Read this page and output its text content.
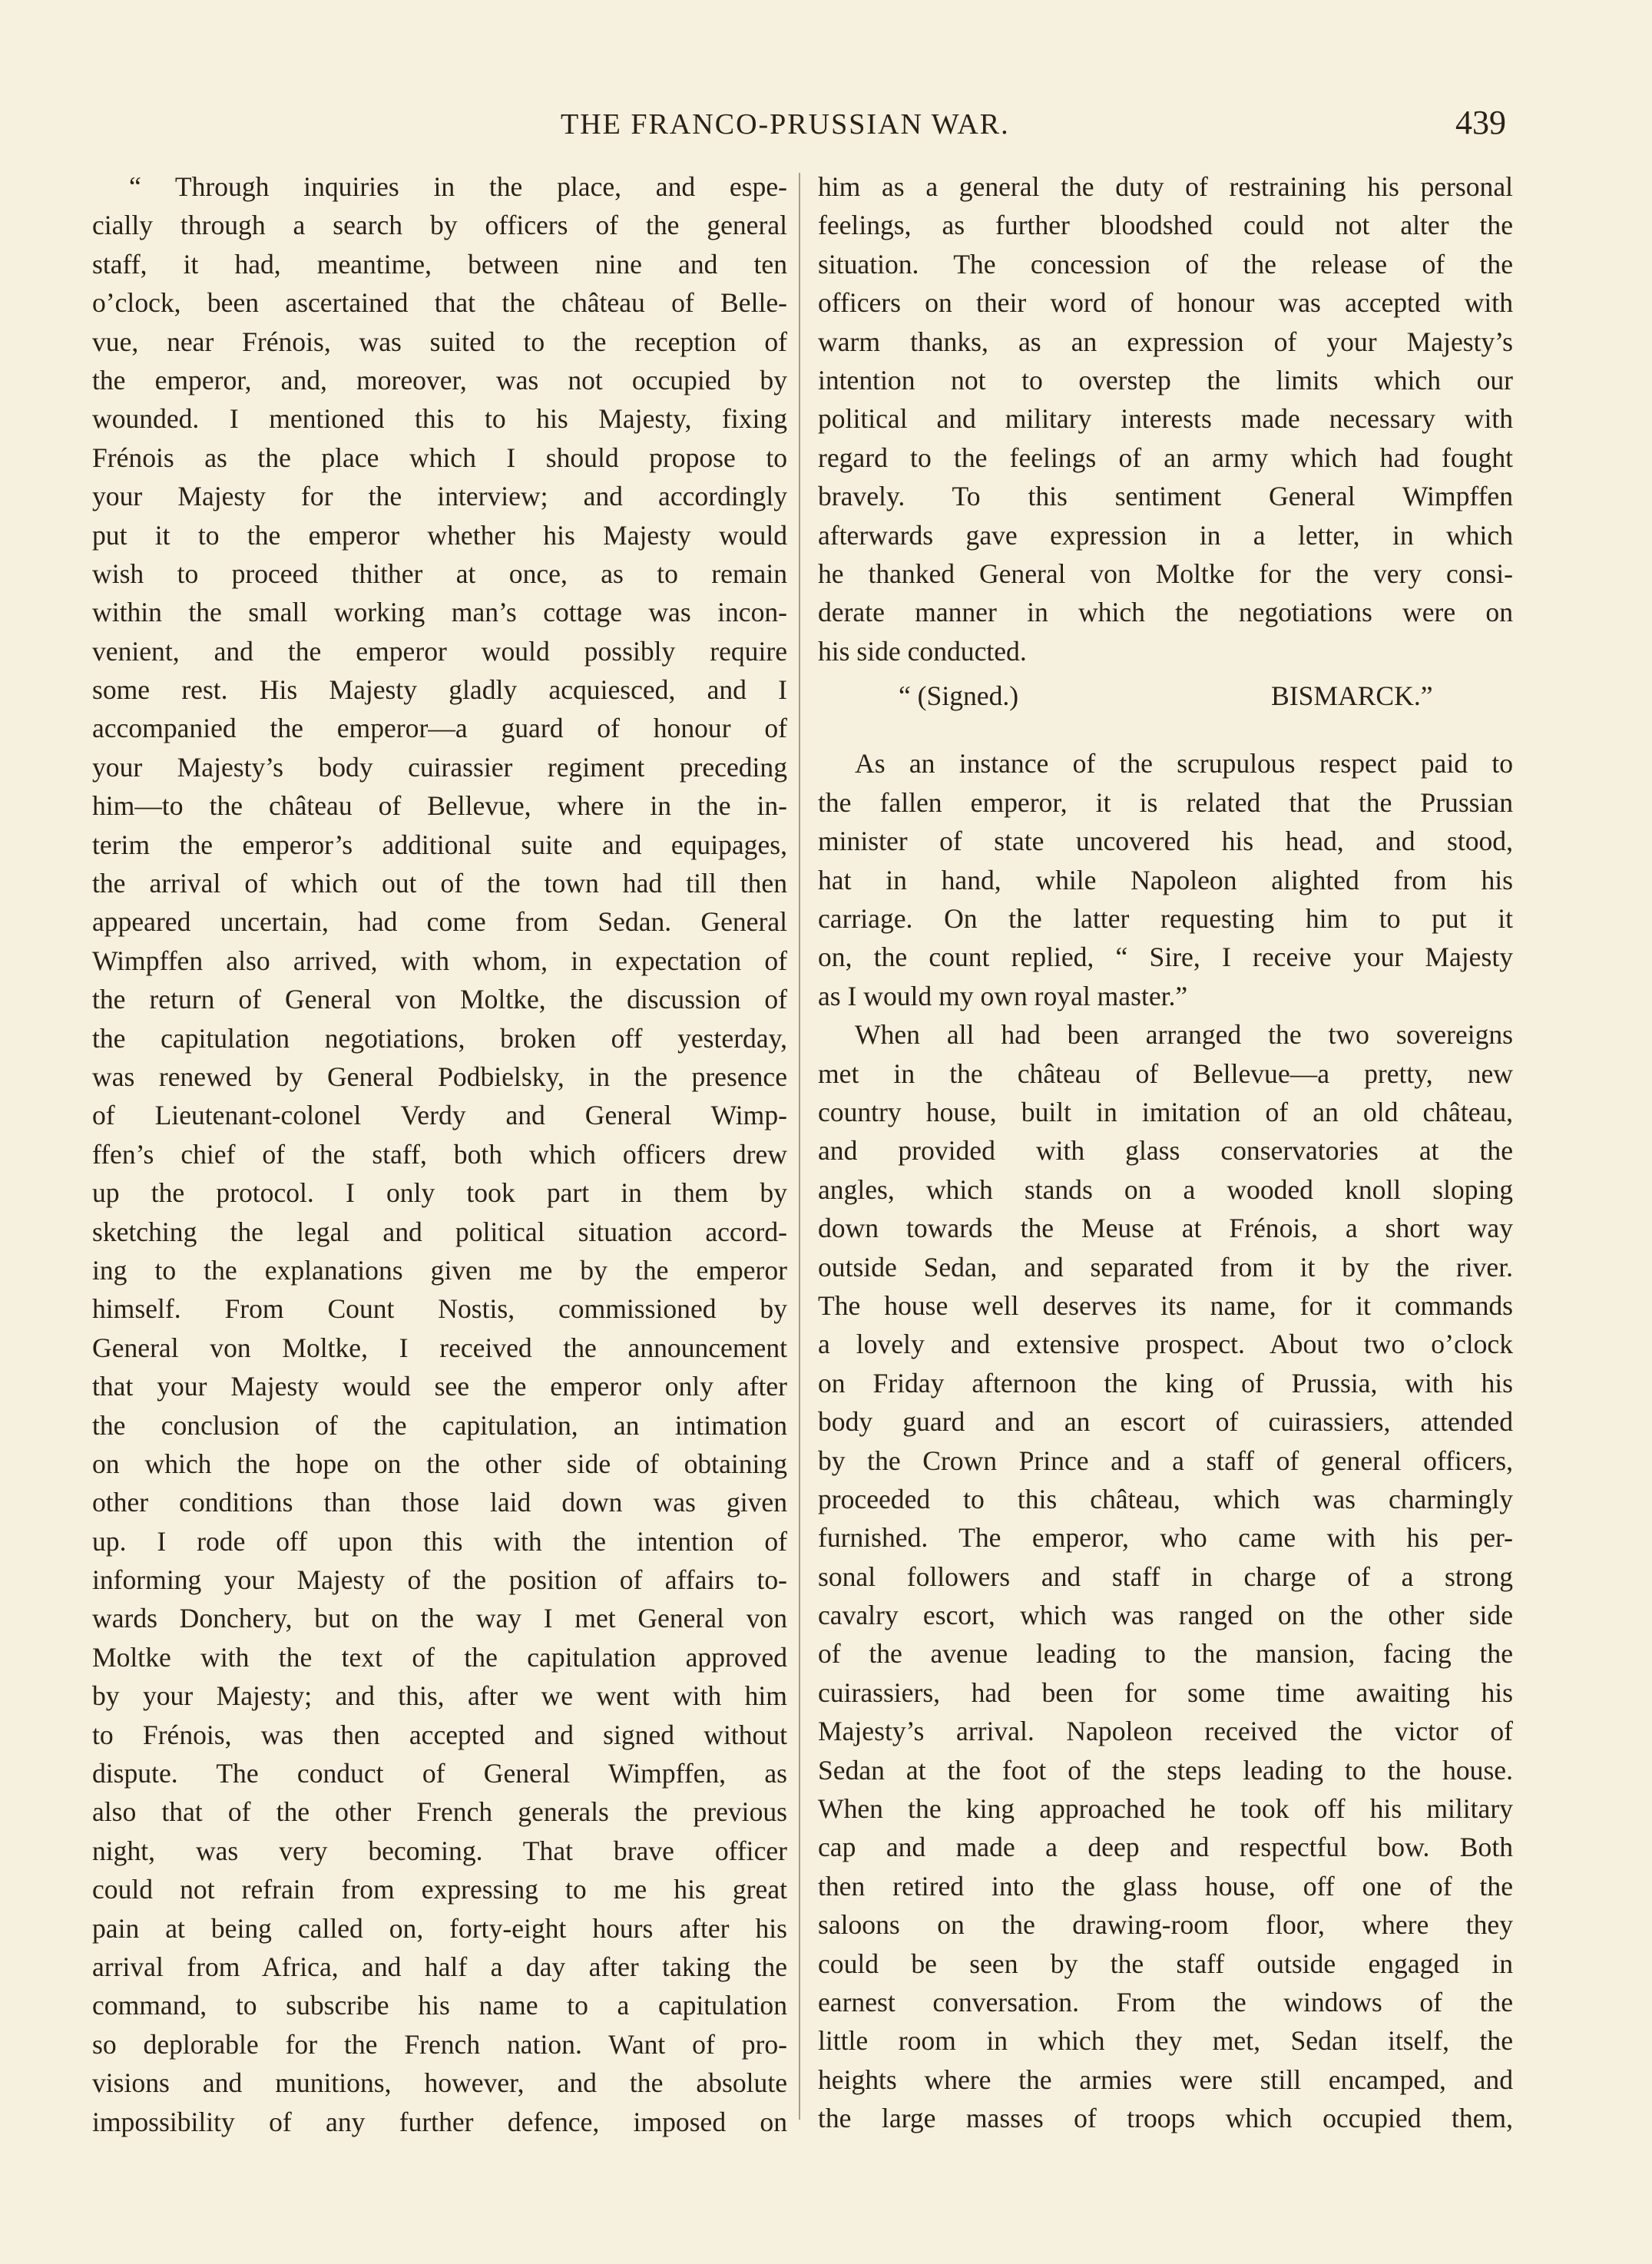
THE FRANCO-PRUSSIAN WAR.	439
“ Through inquiries in the place, and espe-
cially through a search by officers of the general
staff, it had, meantime, between nine and ten
o’clock, been ascertained that the château of Belle-
vue, near Frénois, was suited to the reception of
the emperor, and, moreover, was not occupied by
wounded. I mentioned this to his Majesty, fixing
Frénois as the place which I should propose to
your Majesty for the interview; and accordingly
put it to the emperor whether his Majesty would
wish to proceed thither at once, as to remain
within the small working man’s cottage was incon-
venient, and the emperor would possibly require
some rest. His Majesty gladly acquiesced, and I
accompanied the emperor—a guard of honour of
your Majesty’s body cuirassier regiment preceding
him—to the château of Bellevue, where in the in-
terim the emperor’s additional suite and equipages,
the arrival of which out of the town had till then
appeared uncertain, had come from Sedan. General
Wimpffen also arrived, with whom, in expectation of
the return of General von Moltke, the discussion of
the capitulation negotiations, broken off yesterday,
was renewed by General Podbielsky, in the presence
of Lieutenant-colonel Verdy and General Wimp-
ffen’s chief of the staff, both which officers drew
up the protocol. I only took part in them by
sketching the legal and political situation accord-
ing to the explanations given me by the emperor
himself. From Count Nostis, commissioned by
General von Moltke, I received the announcement
that your Majesty would see the emperor only after
the conclusion of the capitulation, an intimation
on which the hope on the other side of obtaining
other conditions than those laid down was given
up. I rode off upon this with the intention of
informing your Majesty of the position of affairs to-
wards Donchery, but on the way I met General von
Moltke with the text of the capitulation approved
by your Majesty; and this, after we went with him
to Frénois, was then accepted and signed without
dispute. The conduct of General Wimpffen, as
also that of the other French generals the previous
night, was very becoming. That brave officer
could not refrain from expressing to me his great
pain at being called on, forty-eight hours after his
arrival from Africa, and half a day after taking the
command, to subscribe his name to a capitulation
so deplorable for the French nation. Want of pro-
visions and munitions, however, and the absolute
impossibility of any further defence, imposed on
him as a general the duty of restraining his personal
feelings, as further bloodshed could not alter the
situation. The concession of the release of the
officers on their word of honour was accepted with
warm thanks, as an expression of your Majesty’s
intention not to overstep the limits which our
political and military interests made necessary with
regard to the feelings of an army which had fought
bravely. To this sentiment General Wimpffen
afterwards gave expression in a letter, in which
he thanked General von Moltke for the very consi-
derate manner in which the negotiations were on
his side conducted.
“ (Signed.)	BISMARCK.”
As an instance of the scrupulous respect paid to
the fallen emperor, it is related that the Prussian
minister of state uncovered his head, and stood,
hat in hand, while Napoleon alighted from his
carriage. On the latter requesting him to put it
on, the count replied, “ Sire, I receive your Majesty
as I would my own royal master.”
When all had been arranged the two sovereigns
met in the château of Bellevue—a pretty, new
country house, built in imitation of an old château,
and provided with glass conservatories at the
angles, which stands on a wooded knoll sloping
down towards the Meuse at Frénois, a short way
outside Sedan, and separated from it by the river.
The house well deserves its name, for it commands
a lovely and extensive prospect. About two o’clock
on Friday afternoon the king of Prussia, with his
body guard and an escort of cuirassiers, attended
by the Crown Prince and a staff of general officers,
proceeded to this château, which was charmingly
furnished. The emperor, who came with his per-
sonal followers and staff in charge of a strong
cavalry escort, which was ranged on the other side
of the avenue leading to the mansion, facing the
cuirassiers, had been for some time awaiting his
Majesty’s arrival. Napoleon received the victor of
Sedan at the foot of the steps leading to the house.
When the king approached he took off his military
cap and made a deep and respectful bow. Both
then retired into the glass house, off one of the
saloons on the drawing-room floor, where they
could be seen by the staff outside engaged in
earnest conversation. From the windows of the
little room in which they met, Sedan itself, the
heights where the armies were still encamped, and
the large masses of troops which occupied them,
